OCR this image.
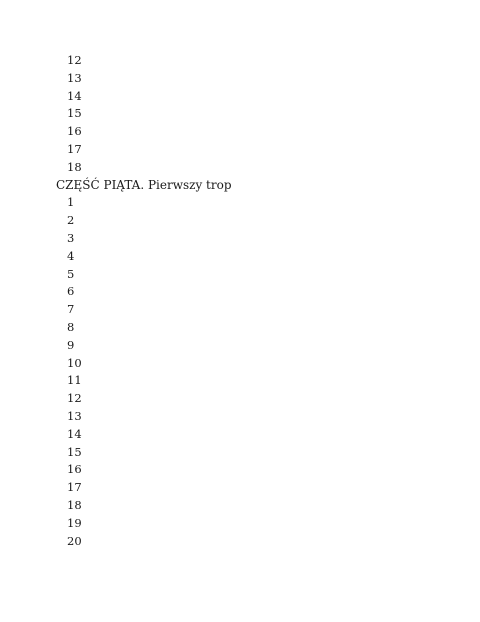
12
13
14
15
16
17
18
CZĘŚĆ PIĄTA. Pierwszy trop
1
2
3
4
5
6
7
8
9
10
11
12
13
14
15
16
17
18
19
20
